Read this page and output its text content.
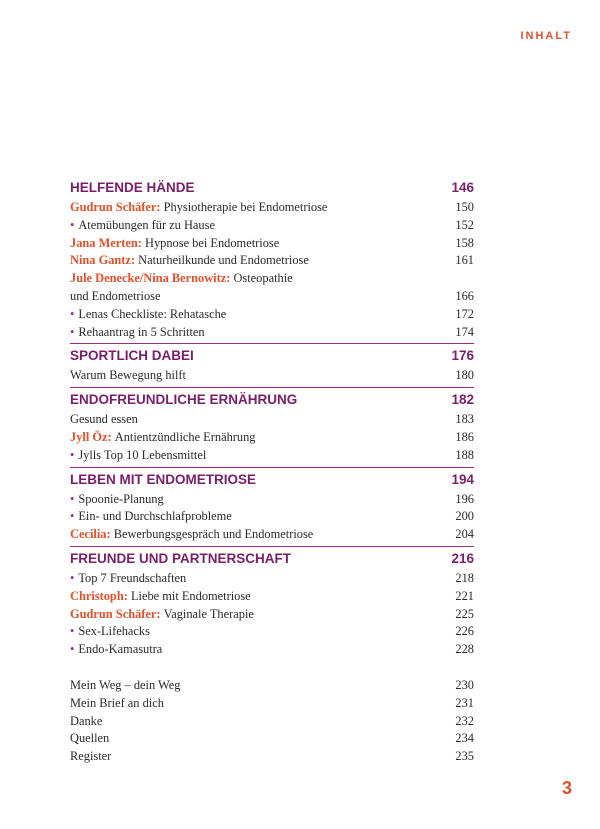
INHALT
HELFENDE HÄNDE	146
Gudrun Schäfer: Physiotherapie bei Endometriose	150
• Atemübungen für zu Hause	152
Jana Merten: Hypnose bei Endometriose	158
Nina Gantz: Naturheilkunde und Endometriose	161
Jule Denecke/Nina Bernowitz: Osteopathie
und Endometriose	166
• Lenas Checkliste: Rehatasche	172
• Rehaantrag in 5 Schritten	174
SPORTLICH DABEI	176
Warum Bewegung hilft	180
ENDOFREUNDLICHE ERNÄHRUNG	182
Gesund essen	183
Jyll Öz: Antientzündliche Ernährung	186
• Jylls Top 10 Lebensmittel	188
LEBEN MIT ENDOMETRIOSE	194
• Spoonie-Planung	196
• Ein- und Durchschlafprobleme	200
Cecilia: Bewerbungsgespräch und Endometriose	204
FREUNDE UND PARTNERSCHAFT	216
• Top 7 Freundschaften	218
Christoph: Liebe mit Endometriose	221
Gudrun Schäfer: Vaginale Therapie	225
• Sex-Lifehacks	226
• Endo-Kamasutra	228
Mein Weg – dein Weg	230
Mein Brief an dich	231
Danke	232
Quellen	234
Register	235
3
